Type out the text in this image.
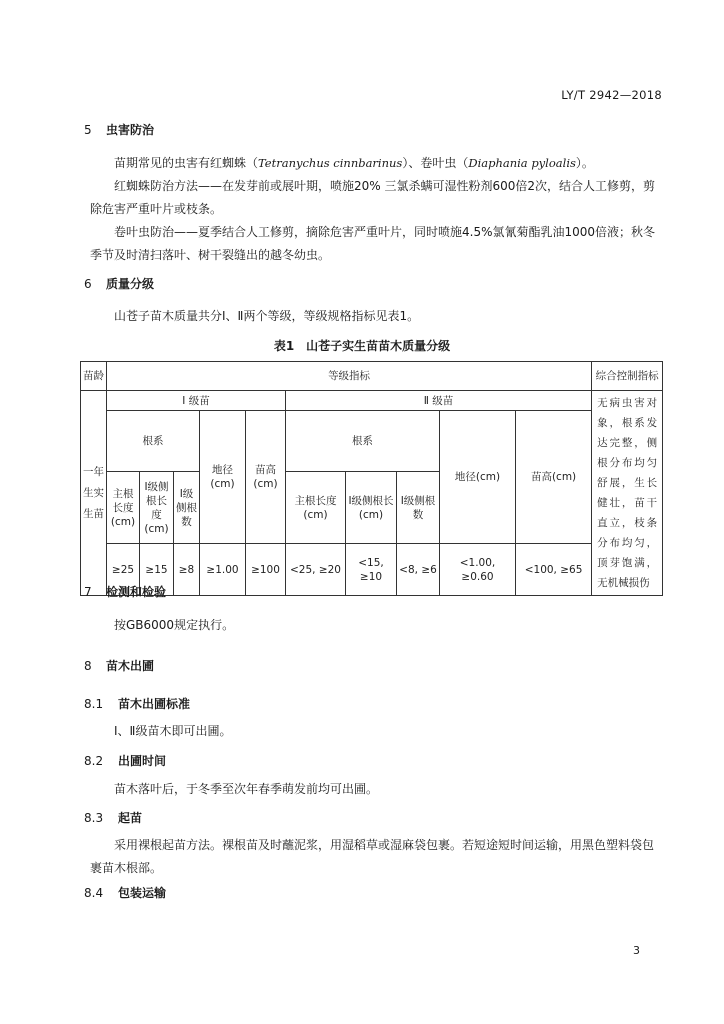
LY/T 2942—2018
5 虫害防治
苗期常见的虫害有红蜘蛛（Tetranychus cinnbarinus）、卷叶虫（Diaphania pyloalis）。
红蜘蛛防治方法——在发芽前或展叶期，喷施20% 三氯杀螨可湿性粉剂600倍2次，结合人工修剪，剪除危害严重叶片或枝条。
卷叶虫防治——夏季结合人工修剪，摘除危害严重叶片，同时喷施4.5%氯氰菊酯乳油1000倍液；秋冬季节及时清扫落叶、树干裂缝出的越冬幼虫。
6 质量分级
山苍子苗木质量共分Ⅰ、Ⅱ两个等级，等级规格指标见表1。
表1　山苍子实生苗苗木质量分级
苗龄	等级指标										综合控制指标
一年生实生苗	Ⅰ 级苗					Ⅱ 级苗					无病虫害对象，根系发达完整，侧根分布均匀舒展，生长健壮，苗干直立，枝条分布均匀，顶芽饱满，无机械损伤
	根系			地径(cm)	苗高(cm)	根系			地径(cm)	苗高(cm)	
	主根长度(cm)	Ⅰ级侧根长度(cm)	Ⅰ级侧根数			主根长度(cm)	Ⅰ级侧根长(cm)	Ⅰ级侧根数			
	≥25	≥15	≥8	≥1.00	≥100	<25, ≥20	<15, ≥10	<8, ≥6	<1.00, ≥0.60	<100, ≥65	
7 检测和检验
按GB6000规定执行。
8 苗木出圃
8.1 苗木出圃标准
Ⅰ、Ⅱ级苗木即可出圃。
8.2 出圃时间
苗木落叶后，于冬季至次年春季萌发前均可出圃。
8.3 起苗
采用裸根起苗方法。裸根苗及时蘸泥浆，用湿稻草或湿麻袋包裹。若短途短时间运输，用黑色塑料袋包裹苗木根部。
8.4 包装运输
3
